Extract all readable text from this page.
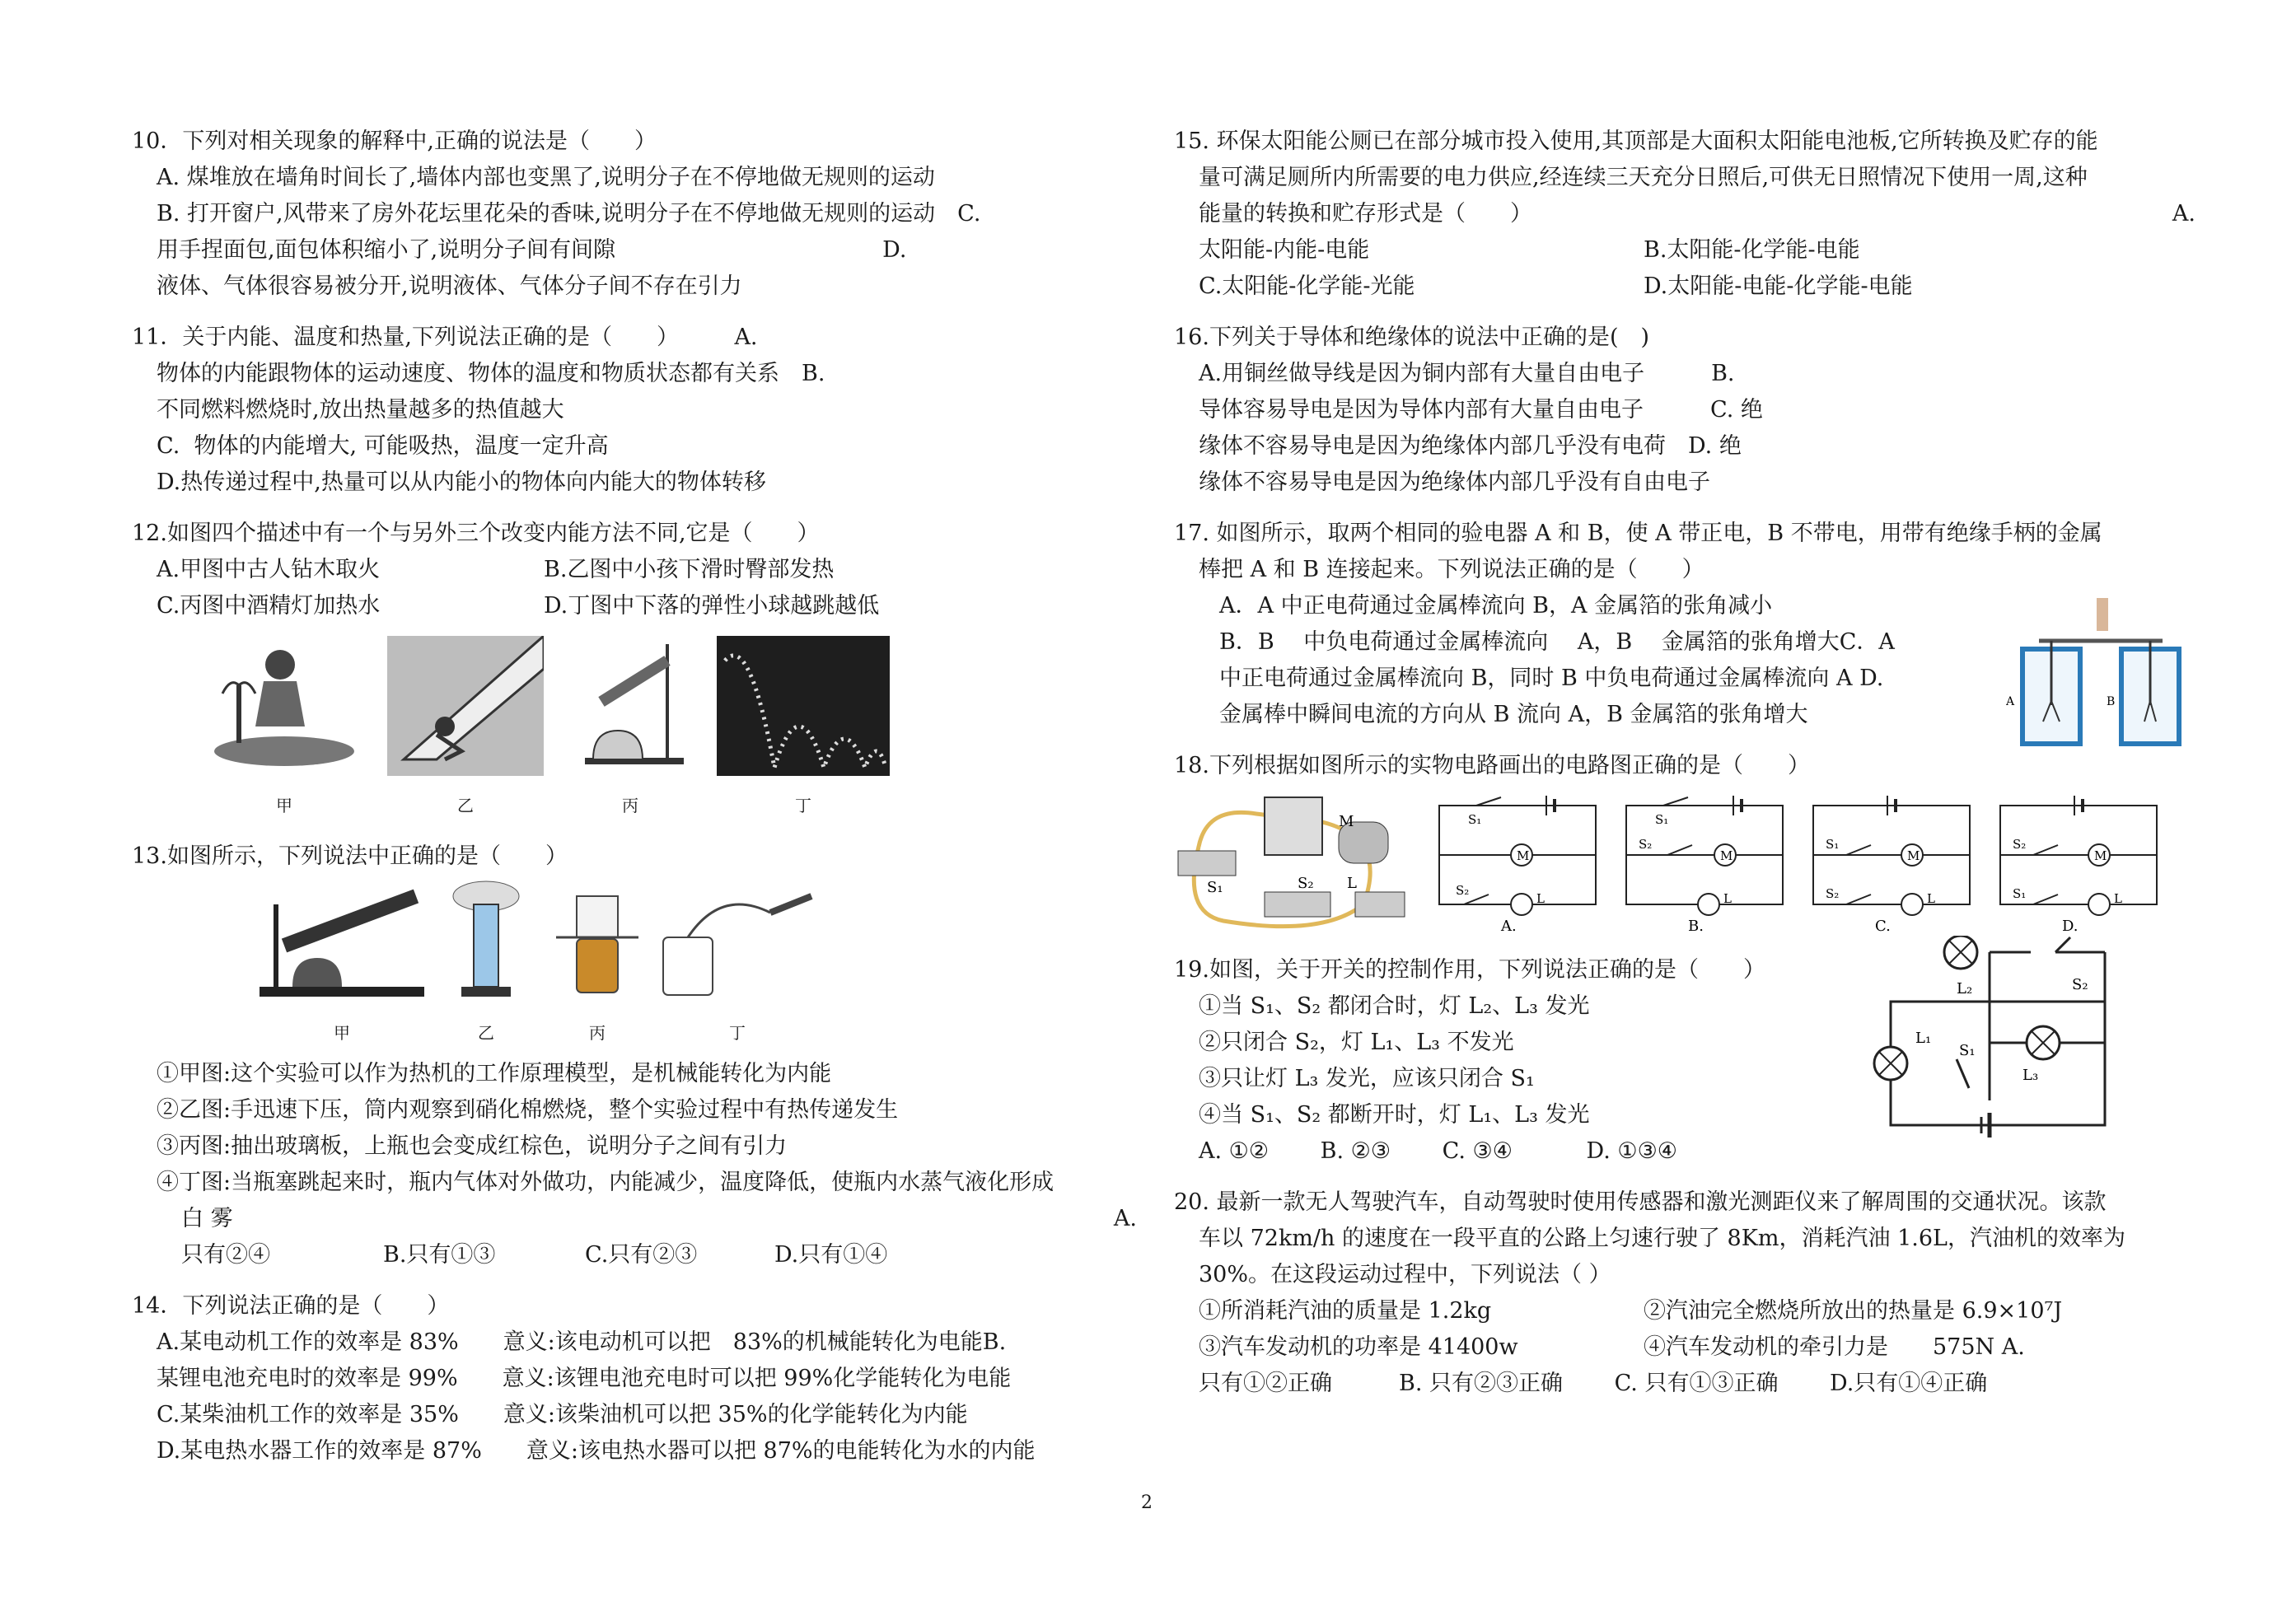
10．下列对相关现象的解释中,正确的说法是（　　）

A. 煤堆放在墙角时间长了,墙体内部也变黑了,说明分子在不停地做无规则的运动

B. 打开窗户,风带来了房外花坛里花朵的香味,说明分子在不停地做无规则的运动　C.

用手捏面包,面包体积缩小了,说明分子间有间隙　　　　　　　　　　　　D.

液体、气体很容易被分开,说明液体、气体分子间不存在引力

11．关于内能、温度和热量,下列说法正确的是（　　）　　　A.

物体的内能跟物体的运动速度、物体的温度和物质状态都有关系　B.

不同燃料燃烧时,放出热量越多的热值越大

C.  物体的内能增大, 可能吸热，温度一定升高

D.热传递过程中,热量可以从内能小的物体向内能大的物体转移

12.如图四个描述中有一个与另外三个改变内能方法不同,它是（　　）

A.甲图中古人钻木取火	B.乙图中小孩下滑时臀部发热

C.丙图中酒精灯加热水	D.丁图中下落的弹性小球越跳越低

甲	乙	丙	丁

13.如图所示，下列说法中正确的是（　　）

甲	乙	丙	丁

①甲图:这个实验可以作为热机的工作原理模型，是机械能转化为内能

②乙图:手迅速下压，筒内观察到硝化棉燃烧，整个实验过程中有热传递发生

③丙图:抽出玻璃板，上瓶也会变成红棕色，说明分子之间有引力

④丁图:当瓶塞跳起来时，瓶内气体对外做功，内能减少，温度降低，使瓶内水蒸气液化形成

白 雾	A.

只有②④	B.只有①③	C.只有②③	D.只有①④

14．下列说法正确的是（　　）

A.某电动机工作的效率是 83%　　意义:该电动机可以把　83%的机械能转化为电能B.

某锂电池充电时的效率是 99%　　意义:该锂电池充电时可以把 99%化学能转化为电能

C.某柴油机工作的效率是 35%　　意义:该柴油机可以把 35%的化学能转化为内能

D.某电热水器工作的效率是 87%　　意义:该电热水器可以把 87%的电能转化为水的内能

15. 环保太阳能公厕已在部分城市投入使用,其顶部是大面积太阳能电池板,它所转换及贮存的能

量可满足厕所内所需要的电力供应,经连续三天充分日照后,可供无日照情况下使用一周,这种

能量的转换和贮存形式是（　　）	A.

太阳能-内能-电能	B.太阳能-化学能-电能

C.太阳能-化学能-光能	D.太阳能-电能-化学能-电能

16.下列关于导体和绝缘体的说法中正确的是(　)

A.用铜丝做导线是因为铜内部有大量自由电子　　　B.

导体容易导电是因为导体内部有大量自由电子　　　C. 绝

缘体不容易导电是因为绝缘体内部几乎没有电荷　D. 绝

缘体不容易导电是因为绝缘体内部几乎没有自由电子

17. 如图所示，取两个相同的验电器 A 和 B，使 A 带正电，B 不带电，用带有绝缘手柄的金属

棒把 A 和 B 连接起来。下列说法正确的是（　　）

A．A 中正电荷通过金属棒流向 B，A 金属箔的张角减小

B．B　 中负电荷通过金属棒流向　 A，B　 金属箔的张角增大C．A

中正电荷通过金属棒流向 B，同时 B 中负电荷通过金属棒流向 A D.

金属棒中瞬间电流的方向从 B 流向 A，B 金属箔的张角增大	A	B

18.下列根据如图所示的实物电路画出的电路图正确的是（　　）

M
L
S₁	S₂
M
L
S₁
S₂
A.
M
L
S₁
S₂
B.
M
L
S₁
S₂
C.
M
L
S₂
S₁
D.

19.如图，关于开关的控制作用，下列说法正确的是（　　）

①当 S₁、S₂ 都闭合时，灯 L₂、L₃ 发光

②只闭合 S₂，灯 L₁、L₃ 不发光

③只让灯 L₃ 发光，应该只闭合 S₁

④当 S₁、S₂ 都断开时，灯 L₁、L₃ 发光

A. ①②　　 B. ②③　　 C. ③④　　　 D. ①③④

L₂	S₂
L₁
S₁
L₃

20. 最新一款无人驾驶汽车，自动驾驶时使用传感器和激光测距仪来了解周围的交通状况。该款

车以 72km/h 的速度在一段平直的公路上匀速行驶了 8Km，消耗汽油 1.6L，汽油机的效率为

30%。在这段运动过程中，下列说法（ ）

①所消耗汽油的质量是 1.2kg	②汽油完全燃烧所放出的热量是 6.9×10⁷J

③汽车发动机的功率是 41400w	④汽车发动机的牵引力是　　575N A.

只有①②正确　　　B. 只有②③正确　　 C. 只有①③正确　　 D.只有①④正确

2
